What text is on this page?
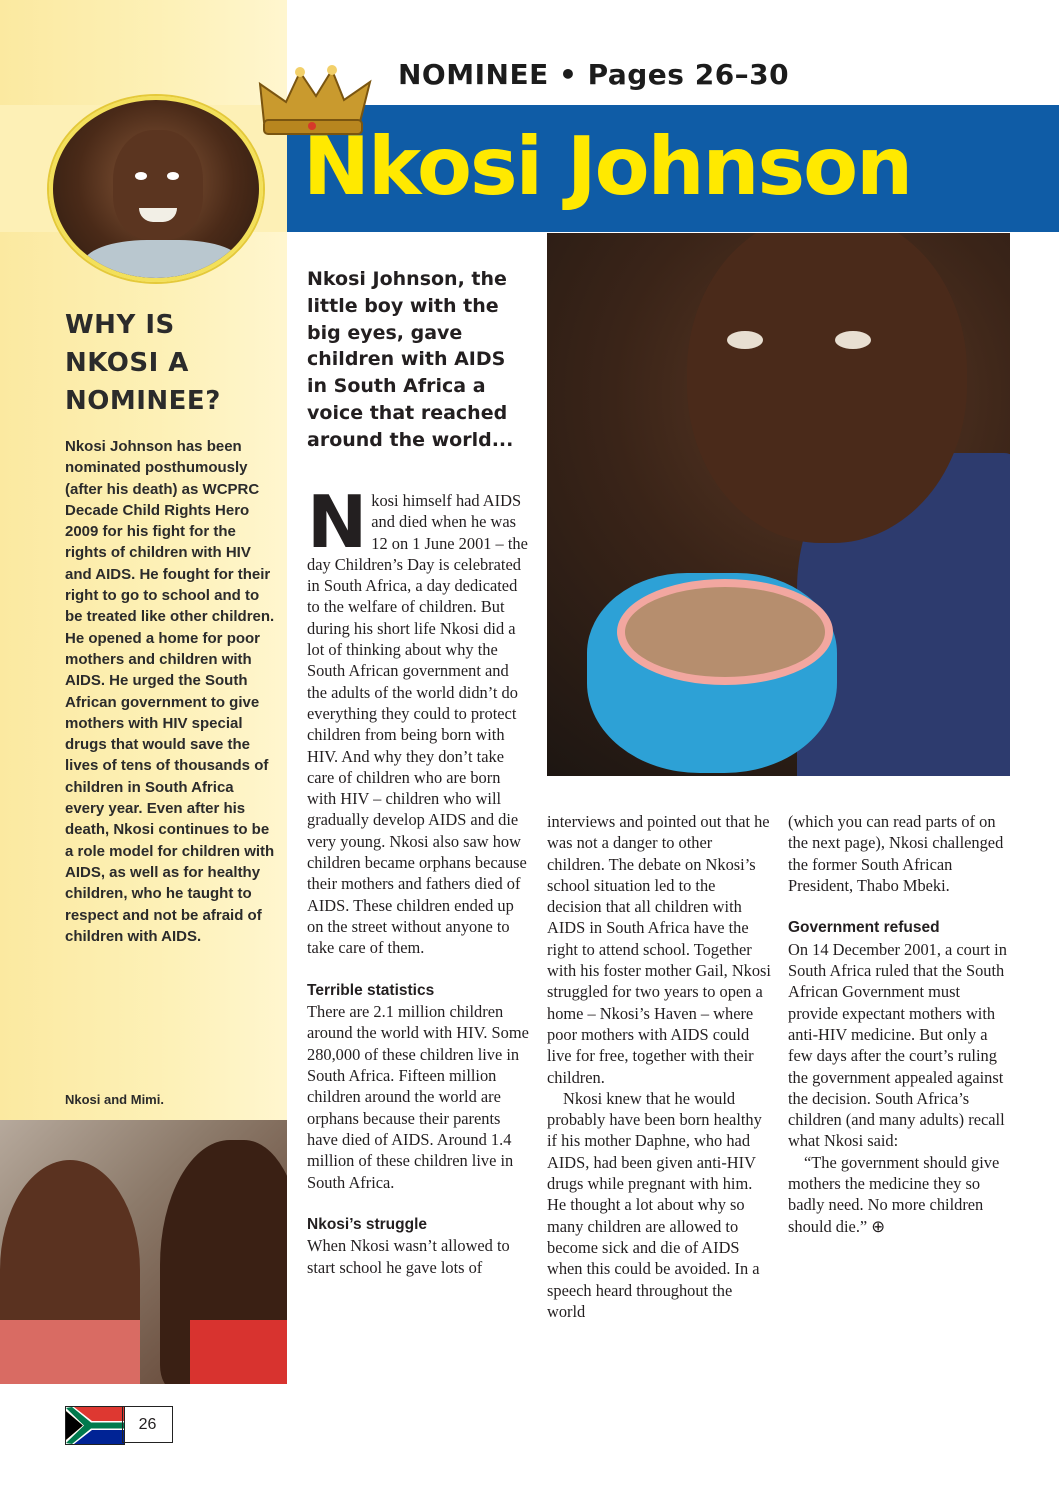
NOMINEE • Pages 26–30
Nkosi Johnson
WHY IS
NKOSI A
NOMINEE?
Nkosi Johnson has been nominated posthumously (after his death) as WCPRC Decade Child Rights Hero 2009 for his fight for the rights of children with HIV and AIDS. He fought for their right to go to school and to be treated like other children. He opened a home for poor mothers and children with AIDS. He urged the South African government to give mothers with HIV special drugs that would save the lives of tens of thousands of children in South Africa every year. Even after his death, Nkosi continues to be a role model for children with AIDS, as well as for healthy children, who he taught to respect and not be afraid of children with AIDS.
Nkosi and Mimi.
Nkosi Johnson, the little boy with the big eyes, gave children with AIDS in South Africa a voice that reached around the world...

Nkosi himself had AIDS and died when he was 12 on 1 June 2001 – the day Children’s Day is celebrated in South Africa, a day dedicated to the welfare of children. But during his short life Nkosi did a lot of thinking about why the South African government and the adults of the world didn’t do everything they could to protect children from being born with HIV. And why they don’t take care of children who are born with HIV – children who will gradually develop AIDS and die very young. Nkosi also saw how children became orphans because their mothers and fathers died of AIDS. These children ended up on the street without anyone to take care of them.

Terrible statistics

There are 2.1 million children around the world with HIV. Some 280,000 of these children live in South Africa. Fifteen million children around the world are orphans because their parents have died of AIDS. Around 1.4 million of these children live in South Africa.

Nkosi’s struggle

When Nkosi wasn’t allowed to start school he gave lots of

interviews and pointed out that he was not a danger to other children. The debate on Nkosi’s school situation led to the decision that all children with AIDS in South Africa have the right to attend school. Together with his foster mother Gail, Nkosi struggled for two years to open a home – Nkosi’s Haven – where poor mothers with AIDS could live for free, together with their children.

Nkosi knew that he would probably have been born healthy if his mother Daphne, who had AIDS, had been given anti-HIV drugs while pregnant with him. He thought a lot about why so many children are allowed to become sick and die of AIDS when this could be avoided. In a speech heard throughout the world

(which you can read parts of on the next page), Nkosi challenged the former South African President, Thabo Mbeki.

Government refused

On 14 December 2001, a court in South Africa ruled that the South African Government must provide expectant mothers with anti-HIV medicine. But only a few days after the court’s ruling the government appealed against the decision. South Africa’s children (and many adults) recall what Nkosi said:

“The government should give mothers the medicine they so badly need. No more children should die.” ⊕

26
